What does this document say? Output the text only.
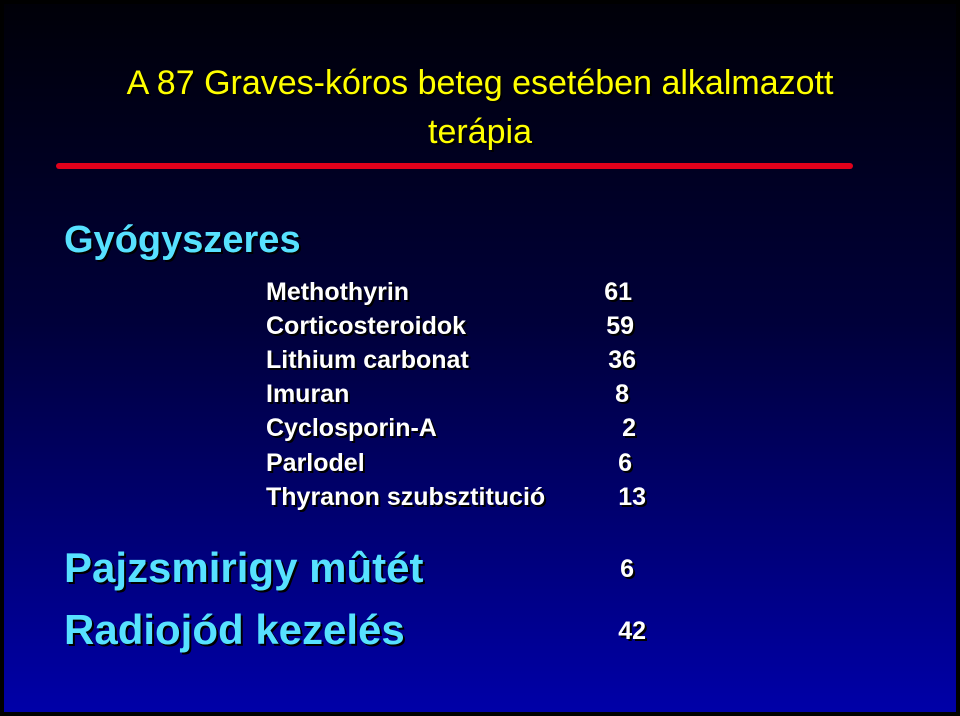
A 87 Graves-kóros beteg esetében alkalmazott
terápia
Gyógyszeres
Methothyrin	61
Corticosteroidok	59
Lithium carbonat	36
Imuran	8
Cyclosporin-A	2
Parlodel	6
Thyranon szubsztitució	13
Pajzsmirigy mûtét	6
Radiojód kezelés	42
